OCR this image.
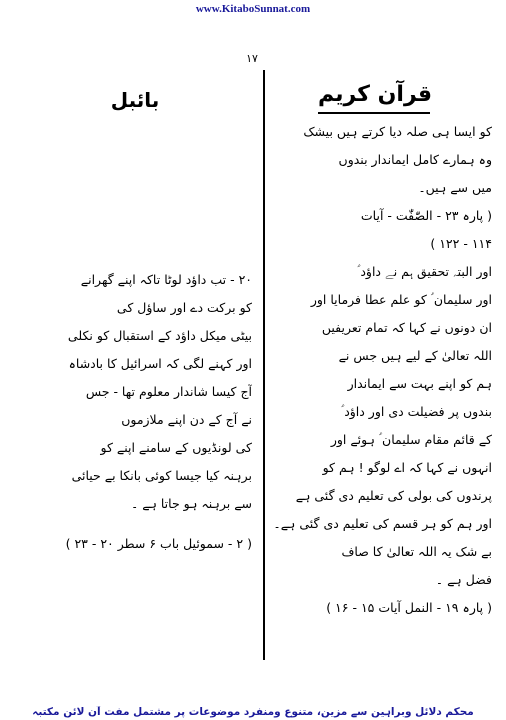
www.KitaboSunnat.com
۱۷
قرآن کریم
بائبل
کو ایسا ہی صلہ دیا کرتے ہیں بیشک
وہ ہمارے کامل ایماندار بندوں
میں سے ہیں۔
( پارہ ۲۳ - الصّٰفّٰت - آیات
۱۱۴ - ۱۲۲ )
اور البتہ تحقیق ہم نے داؤد ؑ
اور سلیمان ؑ کو علم عطا فرمایا اور
ان دونوں نے کہا کہ تمام تعریفیں
اللہ تعالیٰ کے لیے ہیں جس نے
ہم کو اپنے بہت سے ایماندار
بندوں پر فضیلت دی اور داؤد ؑ
کے قائم مقام سلیمان ؑ ہوئے اور
انہوں نے کہا کہ اے لوگو ! ہم کو
پرندوں کی بولی کی تعلیم دی گئی ہے
اور ہم کو ہر قسم کی تعلیم دی گئی ہے۔
بے شک یہ اللہ تعالیٰ کا صاف
فضل ہے ۔
( پارہ ۱۹ - النمل آیات ۱۵ - ۱۶ )
۲۰ - تب داؤد لوٹا تاکہ اپنے گھرانے
کو برکت دے اور ساؤل کی
بیٹی میکل داؤد کے استقبال کو نکلی
اور کہنے لگی کہ اسرائیل کا بادشاہ
آج کیسا شاندار معلوم تھا - جس
نے آج کے دن اپنے ملازموں
کی لونڈیوں کے سامنے اپنے کو
برہنہ کیا جیسا کوئی بانکا بے حیائی
سے برہنہ ہو جاتا ہے ۔
( ۲ - سموئیل باب ۶ سطر ۲۰ - ۲۳ )
محکم دلائل وبراہین سے مزین، متنوع ومنفرد موضوعات پر مشتمل مفت آن لائن مکتبہ
